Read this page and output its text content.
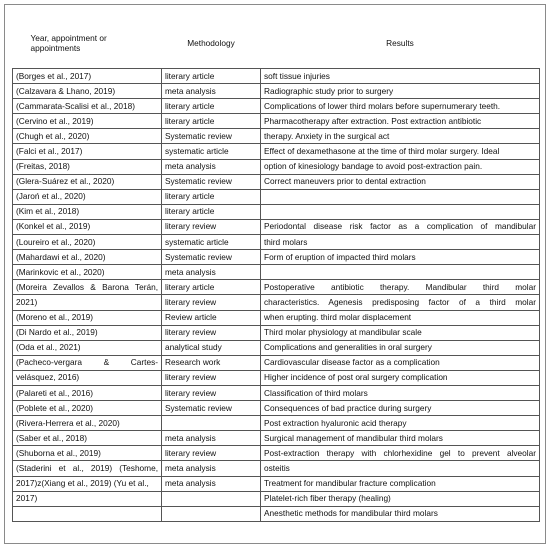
Year, appointment or appointments	Methodology	Results
(Borges et al., 2017)	literary article	soft tissue injuries
(Calzavara & Lhano, 2019)	meta analysis	Radiographic study prior to surgery
(Cammarata-Scalisi et al., 2018)	literary article	Complications of lower third molars before supernumerary teeth.
(Cervino et al., 2019)	literary article	Pharmacotherapy after extraction. Post extraction antibiotic
(Chugh et al., 2020)	Systematic review	therapy. Anxiety in the surgical act
(Falci et al., 2017)	systematic article	Effect of dexamethasone at the time of third molar surgery. Ideal
(Freitas, 2018)	meta analysis	option of kinesiology bandage to avoid post-extraction pain.
(Glera-Suárez et al., 2020)	Systematic review	Correct maneuvers prior to dental extraction
(Jaroń et al., 2020)	literary article	
(Kim et al., 2018)	literary article	
(Konkel et al., 2019)	literary review	Periodontal disease risk factor as a complication of mandibular
(Loureiro et al., 2020)	systematic article	third molars
(Mahardawi et al., 2020)	Systematic review	Form of eruption of impacted third molars
(Marinkovic et al., 2020)	meta analysis	
(Moreira Zevallos & Barona Terán,	literary article	Postoperative antibiotic therapy. Mandibular third molar
2021)	literary review	characteristics. Agenesis predisposing factor of a third molar
(Moreno et al., 2019)	Review article	when erupting. third molar displacement
(Di Nardo et al., 2019)	literary review	Third molar physiology at mandibular scale
(Oda et al., 2021)	analytical study	Complications and generalities in oral surgery
(Pacheco-vergara & Cartes-	Research work	Cardiovascular disease factor as a complication
velásquez, 2016)	literary review	Higher incidence of post oral surgery complication
(Palareti et al., 2016)	literary review	Classification of third molars
(Poblete et al., 2020)	Systematic review	Consequences of bad practice during surgery
(Rivera-Herrera et al., 2020)		Post extraction hyaluronic acid therapy
(Saber et al., 2018)	meta analysis	Surgical management of mandibular third molars
(Shuborna et al., 2019)	literary review	Post-extraction therapy with chlorhexidine gel to prevent alveolar
(Staderini et al., 2019) (Teshome,	meta analysis	osteitis
2017)z(Xiang et al., 2019) (Yu et al.,	meta analysis	Treatment for mandibular fracture complication
2017)		Platelet-rich fiber therapy (healing)
		Anesthetic methods for mandibular third molars
